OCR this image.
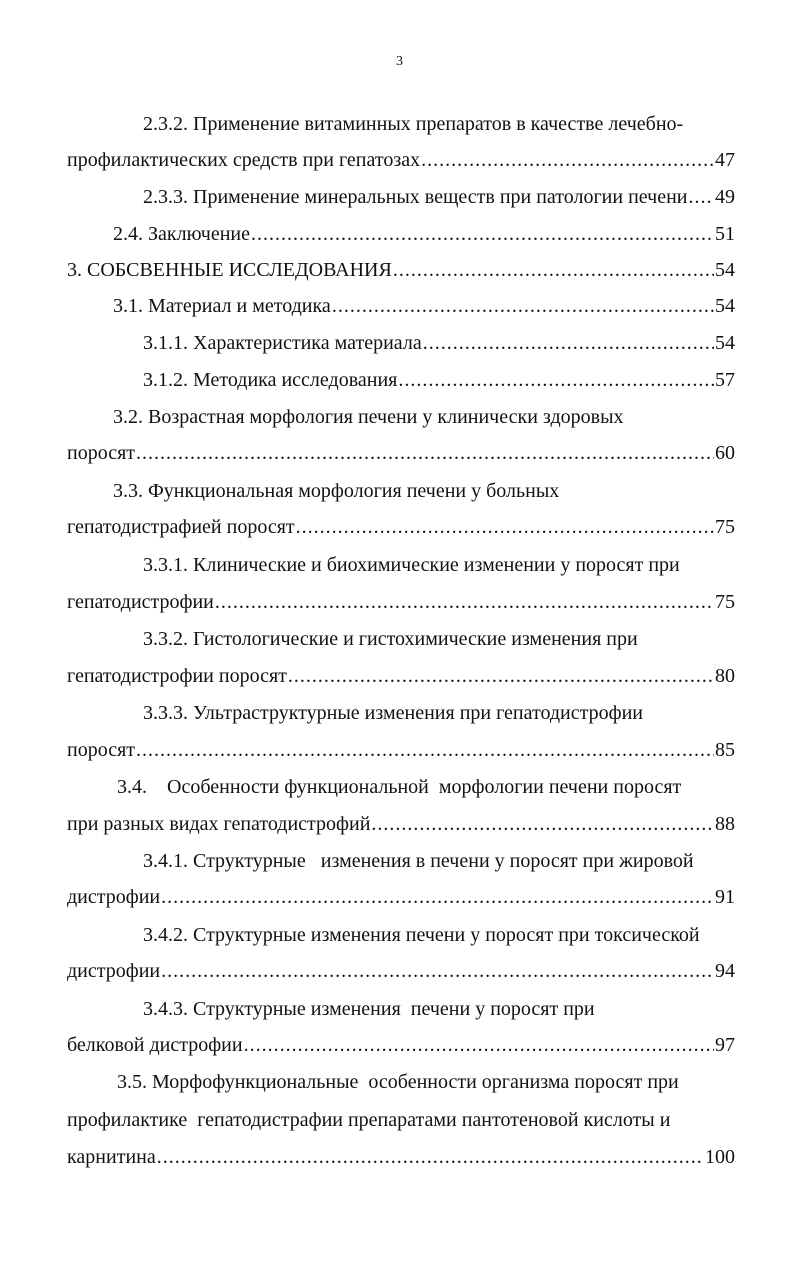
3
2.3.2. Применение витаминных препаратов в качестве лечебно-
профилактических средств при гепатозах .....	47
2.3.3. Применение минеральных веществ при патологии печени ..... 49
2.4. Заключение .....	51
3. СОБСВЕННЫЕ ИССЛЕДОВАНИЯ .....	54
3.1. Материал и методика .....	54
3.1.1. Характеристика материала .....	54
3.1.2. Методика исследования .....	57
3.2. Возрастная морфология печени у клинически здоровых
поросят .....	60
3.3. Функциональная морфология печени у больных
гепатодистрафией поросят .....	75
3.3.1. Клинические и биохимические изменении у поросят при
гепатодистрофии .....	75
3.3.2. Гистологические и гистохимические изменения при
гепатодистрофии поросят .....	80
3.3.3. Ультраструктурные изменения при гепатодистрофии
поросят .....	85
3.4.    Особенности функциональной  морфологии печени поросят
при разных видах гепатодистрофий .....	88
3.4.1. Структурные   изменения в печени у поросят при жировой
дистрофии .....	91
3.4.2. Структурные изменения печени у поросят при токсической
дистрофии .....	94
3.4.3. Структурные изменения  печени у поросят при
белковой дистрофии .....	97
3.5. Морфофункциональные  особенности организма поросят при
профилактике  гепатодистрафии препаратами пантотеновой кислоты и
карнитина .....	100
